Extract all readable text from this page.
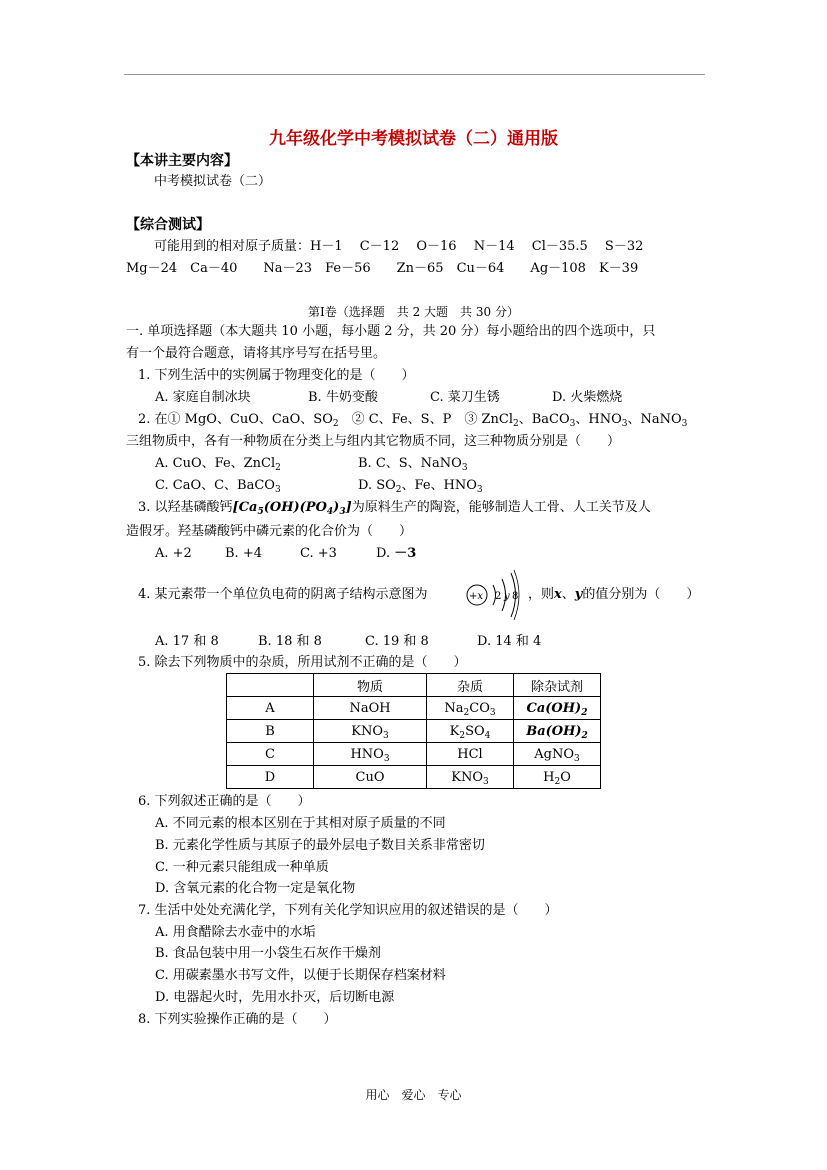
九年级化学中考模拟试卷（二）通用版
【本讲主要内容】
中考模拟试卷（二）
【综合测试】
可能用到的相对原子质量：H－1　 C－12　 O－16　 N－14　 Cl－35.5　 S－32
Mg－24　Ca－40　　Na－23　Fe－56　　Zn－65　Cu－64　　Ag－108　K－39
第Ⅰ卷（选择题　共 2 大题　共 30 分）
一. 单项选择题（本大题共 10 小题，每小题 2 分，共 20 分）每小题给出的四个选项中，只
有一个最符合题意，请将其序号写在括号里。
1. 下列生活中的实例属于物理变化的是（　　）
A. 家庭自制冰块	B. 牛奶变酸	C. 菜刀生锈	D. 火柴燃烧
2. 在① MgO、CuO、CaO、$SO_2$　② C、Fe、S、P　③ ZnCl$_2$、BaCO$_3$、$HNO_3$、NaNO$_3$
三组物质中，各有一种物质在分类上与组内其它物质不同，这三种物质分别是（　　）
A. CuO、Fe、ZnCl$_2$	B. C、S、NaNO$_3$
C. CaO、C、BaCO$_3$	D. $SO_2$、Fe、$HNO_3$
3. 以羟基磷酸钙$[Ca_5(OH)(PO_4)_3]$为原料生产的陶瓷，能够制造人工骨、人工关节及人
造假牙。羟基磷酸钙中磷元素的化合价为（　　）
A. +2	B. +4	C. +3	D. －3
4. 某元素带一个单位负电荷的阴离子结构示意图为	+x 2 y 8 ，则x、y的值分别为（　　）
A. 17 和 8	B. 18 和 8	C. 19 和 8	D. 14 和 4
5. 除去下列物质中的杂质，所用试剂不正确的是（　　）
	物质	杂质	除杂试剂
A	NaOH	$Na_2CO_3$	$Ca(OH)_2$
B	$KNO_3$	$K_2SO_4$	$Ba(OH)_2$
C	$HNO_3$	HCl	AgNO$_3$
D	CuO	$KNO_3$	$H_2O$
6. 下列叙述正确的是（　　）
A. 不同元素的根本区别在于其相对原子质量的不同
B. 元素化学性质与其原子的最外层电子数目关系非常密切
C. 一种元素只能组成一种单质
D. 含氧元素的化合物一定是氧化物
7. 生活中处处充满化学，下列有关化学知识应用的叙述错误的是（　　）
A. 用食醋除去水壶中的水垢
B. 食品包装中用一小袋生石灰作干燥剂
C. 用碳素墨水书写文件，以便于长期保存档案材料
D. 电器起火时，先用水扑灭，后切断电源
8. 下列实验操作正确的是（　　）
用心　爱心　专心
